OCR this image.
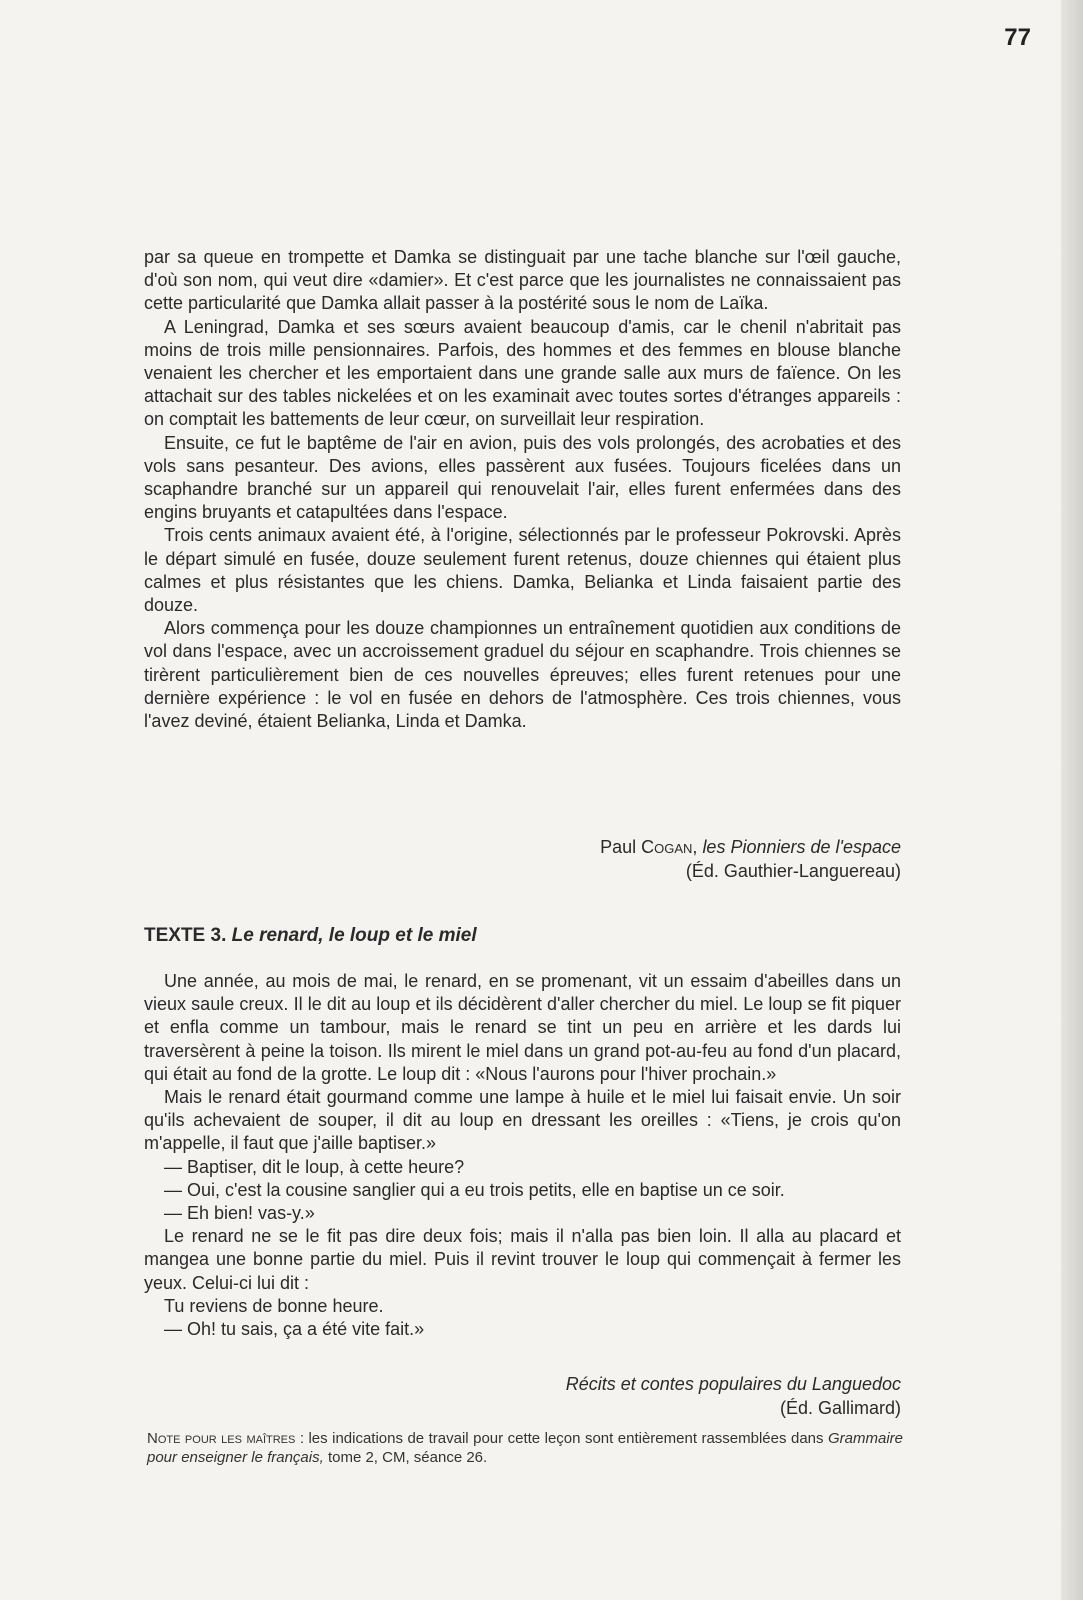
77

par sa queue en trompette et Damka se distinguait par une tache blanche sur l'œil gauche, d'où son nom, qui veut dire «damier». Et c'est parce que les journalistes ne connaissaient pas cette particularité que Damka allait passer à la postérité sous le nom de Laïka.

A Leningrad, Damka et ses sœurs avaient beaucoup d'amis, car le chenil n'abritait pas moins de trois mille pensionnaires. Parfois, des hommes et des femmes en blouse blanche venaient les chercher et les emportaient dans une grande salle aux murs de faïence. On les attachait sur des tables nickelées et on les examinait avec toutes sortes d'étranges appareils : on comptait les battements de leur cœur, on surveillait leur respiration.

Ensuite, ce fut le baptême de l'air en avion, puis des vols prolongés, des acrobaties et des vols sans pesanteur. Des avions, elles passèrent aux fusées. Toujours ficelées dans un scaphandre branché sur un appareil qui renouvelait l'air, elles furent enfermées dans des engins bruyants et catapultées dans l'espace.

Trois cents animaux avaient été, à l'origine, sélectionnés par le professeur Pokrovski. Après le départ simulé en fusée, douze seulement furent retenus, douze chiennes qui étaient plus calmes et plus résistantes que les chiens. Damka, Belianka et Linda faisaient partie des douze.

Alors commença pour les douze championnes un entraînement quotidien aux conditions de vol dans l'espace, avec un accroissement graduel du séjour en scaphandre. Trois chiennes se tirèrent particulièrement bien de ces nouvelles épreuves; elles furent retenues pour une dernière expérience : le vol en fusée en dehors de l'atmosphère. Ces trois chiennes, vous l'avez deviné, étaient Belianka, Linda et Damka.

Paul Cogan, les Pionniers de l'espace
(Éd. Gauthier-Languereau)
TEXTE 3. Le renard, le loup et le miel

Une année, au mois de mai, le renard, en se promenant, vit un essaim d'abeilles dans un vieux saule creux. Il le dit au loup et ils décidèrent d'aller chercher du miel. Le loup se fit piquer et enfla comme un tambour, mais le renard se tint un peu en arrière et les dards lui traversèrent à peine la toison. Ils mirent le miel dans un grand pot-au-feu au fond d'un placard, qui était au fond de la grotte. Le loup dit : «Nous l'aurons pour l'hiver prochain.»

Mais le renard était gourmand comme une lampe à huile et le miel lui faisait envie. Un soir qu'ils achevaient de souper, il dit au loup en dressant les oreilles : «Tiens, je crois qu'on m'appelle, il faut que j'aille baptiser.»

— Baptiser, dit le loup, à cette heure?

— Oui, c'est la cousine sanglier qui a eu trois petits, elle en baptise un ce soir.

— Eh bien! vas-y.»

Le renard ne se le fit pas dire deux fois; mais il n'alla pas bien loin. Il alla au placard et mangea une bonne partie du miel. Puis il revint trouver le loup qui commençait à fermer les yeux. Celui-ci lui dit :

Tu reviens de bonne heure.

— Oh! tu sais, ça a été vite fait.»

Récits et contes populaires du Languedoc
(Éd. Gallimard)
Note pour les maîtres : les indications de travail pour cette leçon sont entièrement rassemblées dans Grammaire pour enseigner le français, tome 2, CM, séance 26.
